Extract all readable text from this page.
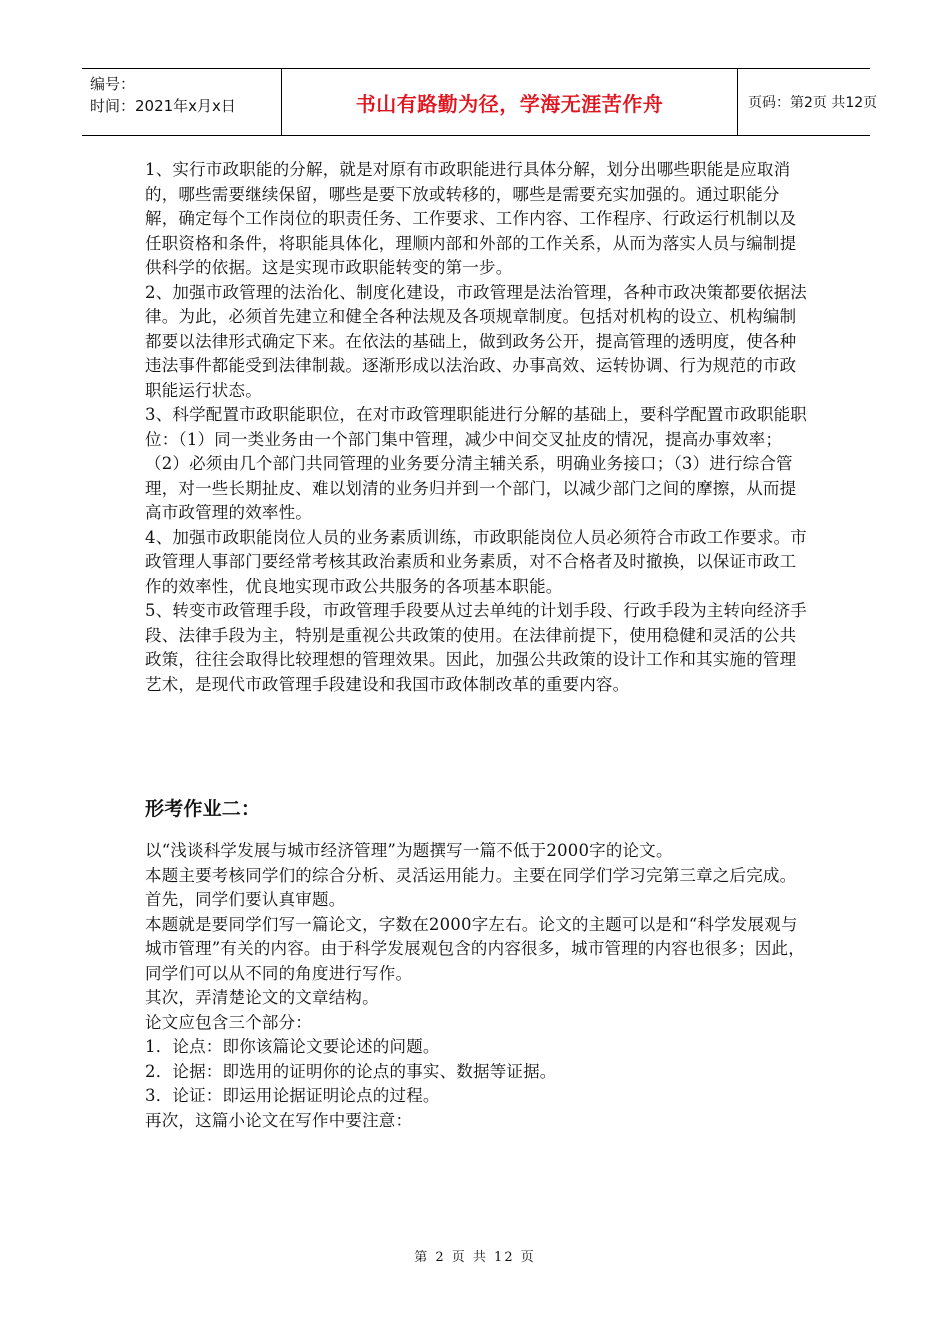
编号：
时间：2021年x月x日	书山有路勤为径，学海无涯苦作舟	页码：第2页 共12页

1、实行市政职能的分解，就是对原有市政职能进行具体分解，划分出哪些职能是应取消的，哪些需要继续保留，哪些是要下放或转移的，哪些是需要充实加强的。通过职能分解，确定每个工作岗位的职责任务、工作要求、工作内容、工作程序、行政运行机制以及任职资格和条件，将职能具体化，理顺内部和外部的工作关系，从而为落实人员与编制提供科学的依据。这是实现市政职能转变的第一步。

2、加强市政管理的法治化、制度化建设，市政管理是法治管理，各种市政决策都要依据法律。为此，必须首先建立和健全各种法规及各项规章制度。包括对机构的设立、机构编制都要以法律形式确定下来。在依法的基础上，做到政务公开，提高管理的透明度，使各种违法事件都能受到法律制裁。逐渐形成以法治政、办事高效、运转协调、行为规范的市政职能运行状态。

3、科学配置市政职能职位，在对市政管理职能进行分解的基础上，要科学配置市政职能职位：（1）同一类业务由一个部门集中管理，减少中间交叉扯皮的情况，提高办事效率；

（2）必须由几个部门共同管理的业务要分清主辅关系，明确业务接口；（3）进行综合管理，对一些长期扯皮、难以划清的业务归并到一个部门，以减少部门之间的摩擦，从而提高市政管理的效率性。

4、加强市政职能岗位人员的业务素质训练，市政职能岗位人员必须符合市政工作要求。市政管理人事部门要经常考核其政治素质和业务素质，对不合格者及时撤换，以保证市政工作的效率性，优良地实现市政公共服务的各项基本职能。

5、转变市政管理手段，市政管理手段要从过去单纯的计划手段、行政手段为主转向经济手段、法律手段为主，特别是重视公共政策的使用。在法律前提下，使用稳健和灵活的公共政策，往往会取得比较理想的管理效果。因此，加强公共政策的设计工作和其实施的管理艺术，是现代市政管理手段建设和我国市政体制改革的重要内容。

形考作业二：

以“浅谈科学发展与城市经济管理”为题撰写一篇不低于2000字的论文。

本题主要考核同学们的综合分析、灵活运用能力。主要在同学们学习完第三章之后完成。

首先，同学们要认真审题。

本题就是要同学们写一篇论文，字数在2000字左右。论文的主题可以是和“科学发展观与城市管理”有关的内容。由于科学发展观包含的内容很多，城市管理的内容也很多；因此，同学们可以从不同的角度进行写作。

其次，弄清楚论文的文章结构。

论文应包含三个部分：

1．论点：即你该篇论文要论述的问题。

2．论据：即选用的证明你的论点的事实、数据等证据。

3．论证：即运用论据证明论点的过程。

再次，这篇小论文在写作中要注意：

第 2 页 共 12 页
